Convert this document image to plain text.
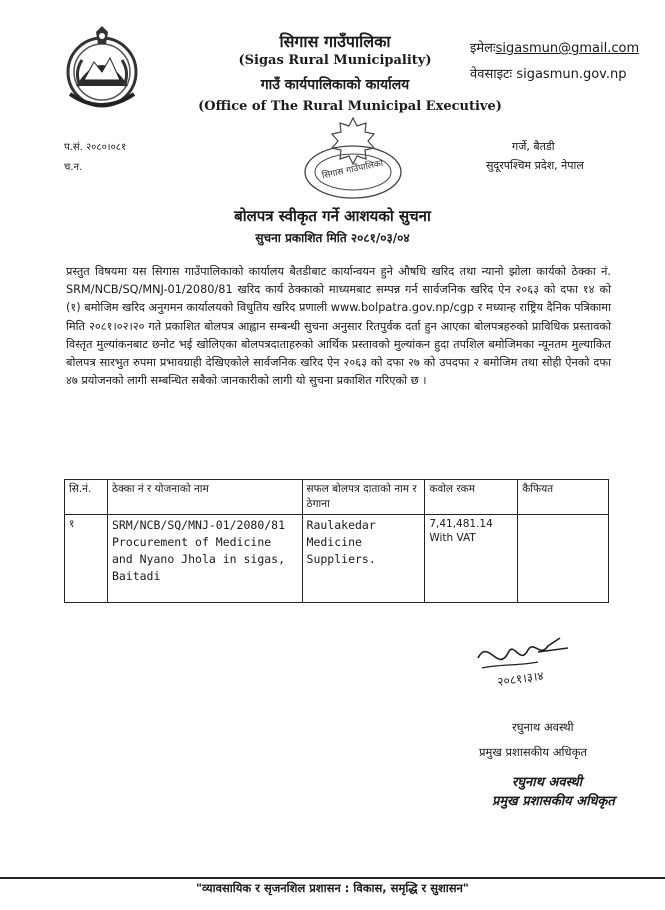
सिगास गाउँपालिका
(Sigas Rural Municipality)
गाउँ कार्यपालिकाको कार्यालय
(Office of The Rural Municipal Executive)
इमेलःsigasmun@gmail.com
वेवसाइटः sigasmun.gov.np
प.सं. २०८०।०८१
च.न.
गर्जे, बैतडी
सुदूरपश्चिम प्रदेश, नेपाल
सिगास गाउँपालिका
बोलपत्र स्वीकृत गर्ने आशयको सुचना
सुचना प्रकाशित मिति २०८१/०३/०४
प्रस्तुत विषयमा यस सिगास गाउँपालिकाको कार्यालय बैतडीबाट कार्यान्वयन हुने औषधि खरिद तथा न्यानो झोला कार्यको ठेक्का नं. SRM/NCB/SQ/MNJ-01/2080/81 खरिद कार्य ठेक्काको माध्यमबाट सम्पन्न गर्न सार्वजनिक खरिद ऐन २०६३ को दफा १४ को (१) बमोजिम खरिद अनुगमन कार्यालयको विधुतिय खरिद प्रणाली www.bolpatra.gov.np/cgp र मध्यान्ह राष्ट्रिय दैनिक पत्रिकामा मिति २०८१।०२।२० गते प्रकाशित बोलपत्र आह्वान सम्बन्धी सुचना अनुसार रितपुर्वक दर्ता हुन आएका बोलपत्रहरुको प्राविधिक प्रस्तावको विस्तृत मुल्यांकनबाट छनोट भई खोलिएका बोलपत्रदाताहरुको आर्थिक प्रस्तावको मुल्यांकन हुदा तपशिल बमोजिमका न्यूनतम मुल्याकित बोलपत्र सारभुत रुपमा प्रभावग्राही देखिएकोले सार्वजनिक खरिद ऐन २०६३ को दफा २७ को उपदफा २ बमोजिम तथा सोही ऐनको दफा ४७ प्रयोजनको लागी सम्बन्धित सबैको जानकारीको लागी यो सुचना प्रकाशित गरिएको छ ।
सि.नं.	ठेक्का नं र योजनाको नाम	सफल बोलपत्र दाताको नाम र ठेगाना	कवोल रकम	कैफियत
१	SRM/NCB/SQ/MNJ-01/2080/81 Procurement of Medicine and Nyano Jhola in sigas, Baitadi	Raulakedar Medicine Suppliers.	7,41,481.14 With VAT	
२०८१।३।४
रघुनाथ अवस्थी
प्रमुख प्रशासकीय अधिकृत
रघुनाथ अवस्थी
प्रमुख प्रशासकीय अधिकृत
"व्यावसायिक र सृजनशिल प्रशासन : विकास, समृद्धि र सुशासन"
